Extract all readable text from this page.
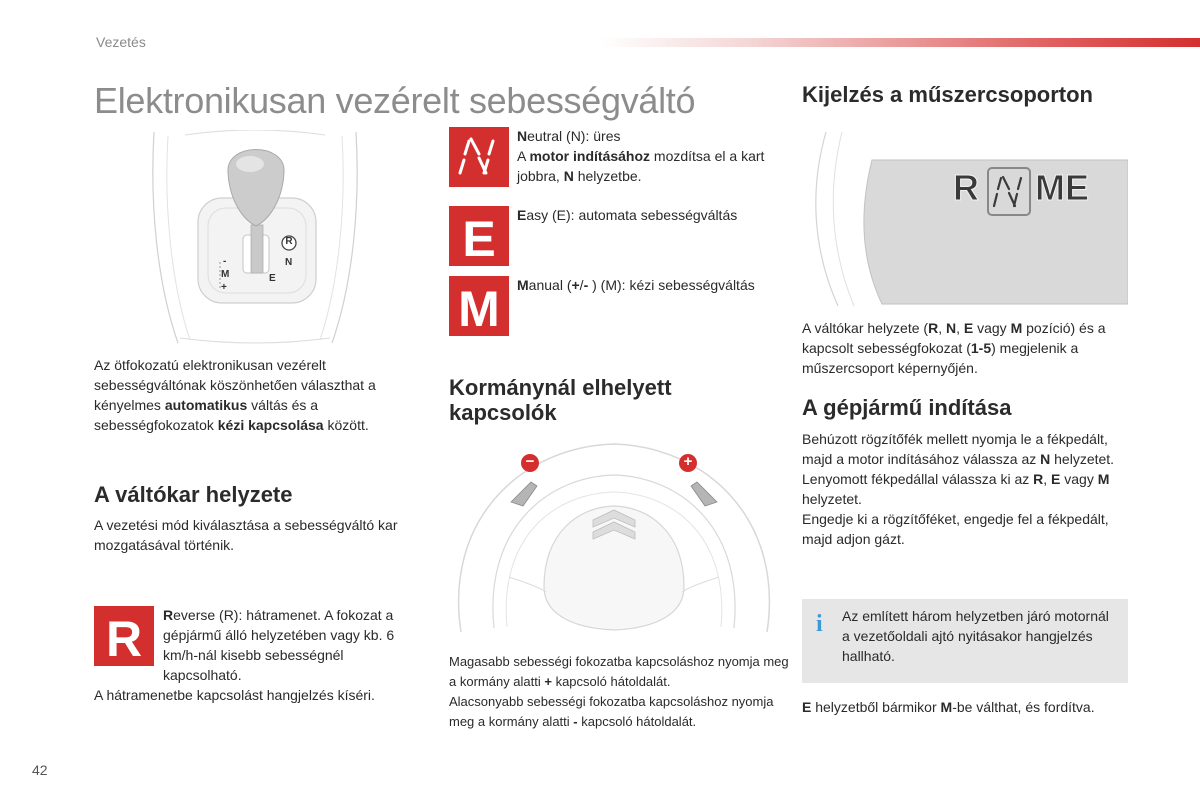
Vezetés
Elektronikusan vezérelt sebességváltó
R
N
E
M
-
+
Az ötfokozatú elektronikusan vezérelt sebességváltónak köszönhetően választhat a kényelmes automatikus váltás és a sebességfokozatok kézi kapcsolása között.
A váltókar helyzete
A vezetési mód kiválasztása a sebességváltó kar mozgatásával történik.
R Reverse (R): hátramenet. A fokozat a gépjármű álló helyzetében vagy kb. 6 km/h-nál kisebb sebességnél kapcsolható.
A hátramenetbe kapcsolást hangjelzés kíséri.
N
Neutral (N): üres
A motor indításához mozdítsa el a kart jobbra, N helyzetbe.
E Easy (E): automata sebességváltás
M Manual (+/- ) (M): kézi sebességváltás
Kormánynál elhelyett kapcsolók
−	+
Magasabb sebességi fokozatba kapcsoláshoz nyomja meg a kormány alatti + kapcsoló hátoldalát.
Alacsonyabb sebességi fokozatba kapcsoláshoz nyomja meg a kormány alatti - kapcsoló hátoldalát.
Kijelzés a műszercsoporton
R
N
ME
A váltókar helyzete (R, N, E vagy M pozíció) és a kapcsolt sebességfokozat (1-5) megjelenik a műszercsoport képernyőjén.
A gépjármű indítása
Behúzott rögzítőfék mellett nyomja le a fékpedált, majd a motor indításához válassza az N helyzetet.
Lenyomott fékpedállal válassza ki az R, E vagy M helyzetet.
Engedje ki a rögzítőféket, engedje fel a fékpedált, majd adjon gázt.
i Az említett három helyzetben járó motornál a vezetőoldali ajtó nyitásakor hangjelzés hallható.
E helyzetből bármikor M-be válthat, és fordítva.
42
